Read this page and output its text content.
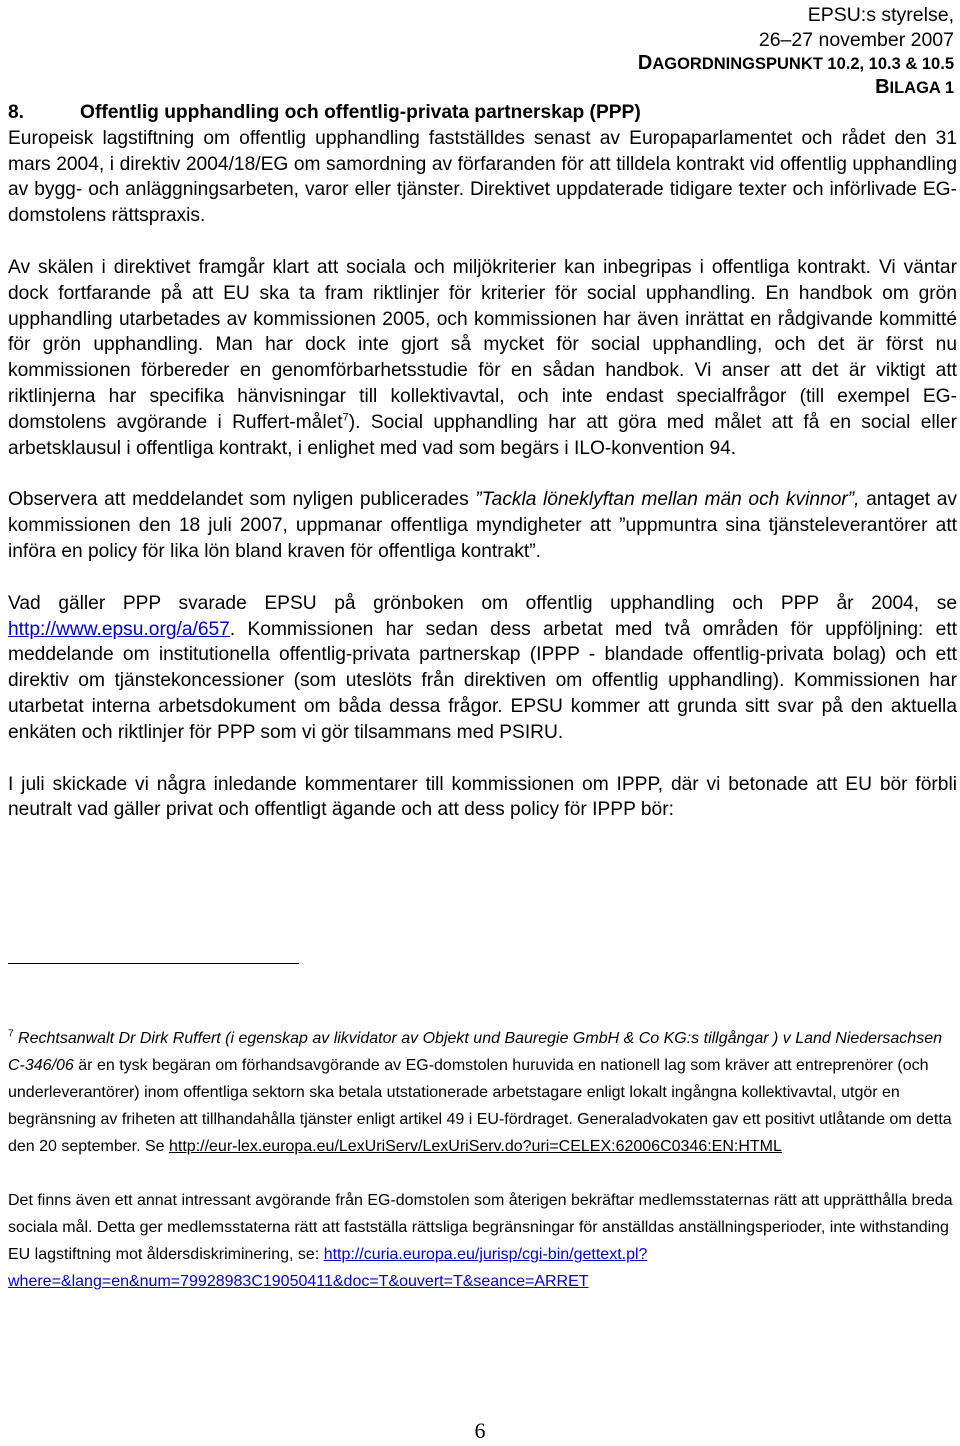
EPSU:s styrelse,
26–27 november 2007
DAGORDNINGSPUNKT 10.2, 10.3 & 10.5
BILAGA 1

8.	Offentlig upphandling och offentlig-privata partnerskap (PPP)

Europeisk lagstiftning om offentlig upphandling fastställdes senast av Europaparlamentet och rådet den 31 mars 2004, i direktiv 2004/18/EG om samordning av förfaranden för att tilldela kontrakt vid offentlig upphandling av bygg- och anläggningsarbeten, varor eller tjänster. Direktivet uppdaterade tidigare texter och införlivade EG-domstolens rättspraxis.

Av skälen i direktivet framgår klart att sociala och miljökriterier kan inbegripas i offentliga kontrakt. Vi väntar dock fortfarande på att EU ska ta fram riktlinjer för kriterier för social upphandling. En handbok om grön upphandling utarbetades av kommissionen 2005, och kommissionen har även inrättat en rådgivande kommitté för grön upphandling. Man har dock inte gjort så mycket för social upphandling, och det är först nu kommissionen förbereder en genomförbarhetsstudie för en sådan handbok. Vi anser att det är viktigt att riktlinjerna har specifika hänvisningar till kollektivavtal, och inte endast specialfrågor (till exempel EG-domstolens avgörande i Ruffert-målet$^7$). Social upphandling har att göra med målet att få en social eller arbetsklausul i offentliga kontrakt, i enlighet med vad som begärs i ILO-konvention 94.

Observera att meddelandet som nyligen publicerades ”Tackla löneklyftan mellan män och kvinnor”, antaget av kommissionen den 18 juli 2007, uppmanar offentliga myndigheter att ”uppmuntra sina tjänsteleverantörer att införa en policy för lika lön bland kraven för offentliga kontrakt”.

Vad gäller PPP svarade EPSU på grönboken om offentlig upphandling och PPP år 2004, se http://www.epsu.org/a/657. Kommissionen har sedan dess arbetat med två områden för uppföljning: ett meddelande om institutionella offentlig-privata partnerskap (IPPP - blandade offentlig-privata bolag) och ett direktiv om tjänstekoncessioner (som uteslöts från direktiven om offentlig upphandling). Kommissionen har utarbetat interna arbetsdokument om båda dessa frågor. EPSU kommer att grunda sitt svar på den aktuella enkäten och riktlinjer för PPP som vi gör tilsammans med PSIRU.

I juli skickade vi några inledande kommentarer till kommissionen om IPPP, där vi betonade att EU bör förbli neutralt vad gäller privat och offentligt ägande och att dess policy för IPPP bör:

$^7$ Rechtsanwalt Dr Dirk Ruffert (i egenskap av likvidator av Objekt und Bauregie GmbH & Co KG:s tillgångar ) v Land Niedersachsen C-346/06 är en tysk begäran om förhandsavgörande av EG-domstolen huruvida en nationell lag som kräver att entreprenörer (och underleverantörer) inom offentliga sektorn ska betala utstationerade arbetstagare enligt lokalt ingångna kollektivavtal, utgör en begränsning av friheten att tillhandahålla tjänster enligt artikel 49 i EU-fördraget. Generaladvokaten gav ett positivt utlåtande om detta den 20 september. Se http://eur-lex.europa.eu/LexUriServ/LexUriServ.do?uri=CELEX:62006C0346:EN:HTML

Det finns även ett annat intressant avgörande från EG-domstolen som återigen bekräftar medlemsstaternas rätt att upprätthålla breda sociala mål. Detta ger medlemsstaterna rätt att fastställa rättsliga begränsningar för anställdas anställningsperioder, inte withstanding EU lagstiftning mot åldersdiskriminering, se: http://curia.europa.eu/jurisp/cgi-bin/gettext.pl?where=&lang=en&num=79928983C19050411&doc=T&ouvert=T&seance=ARRET

6
